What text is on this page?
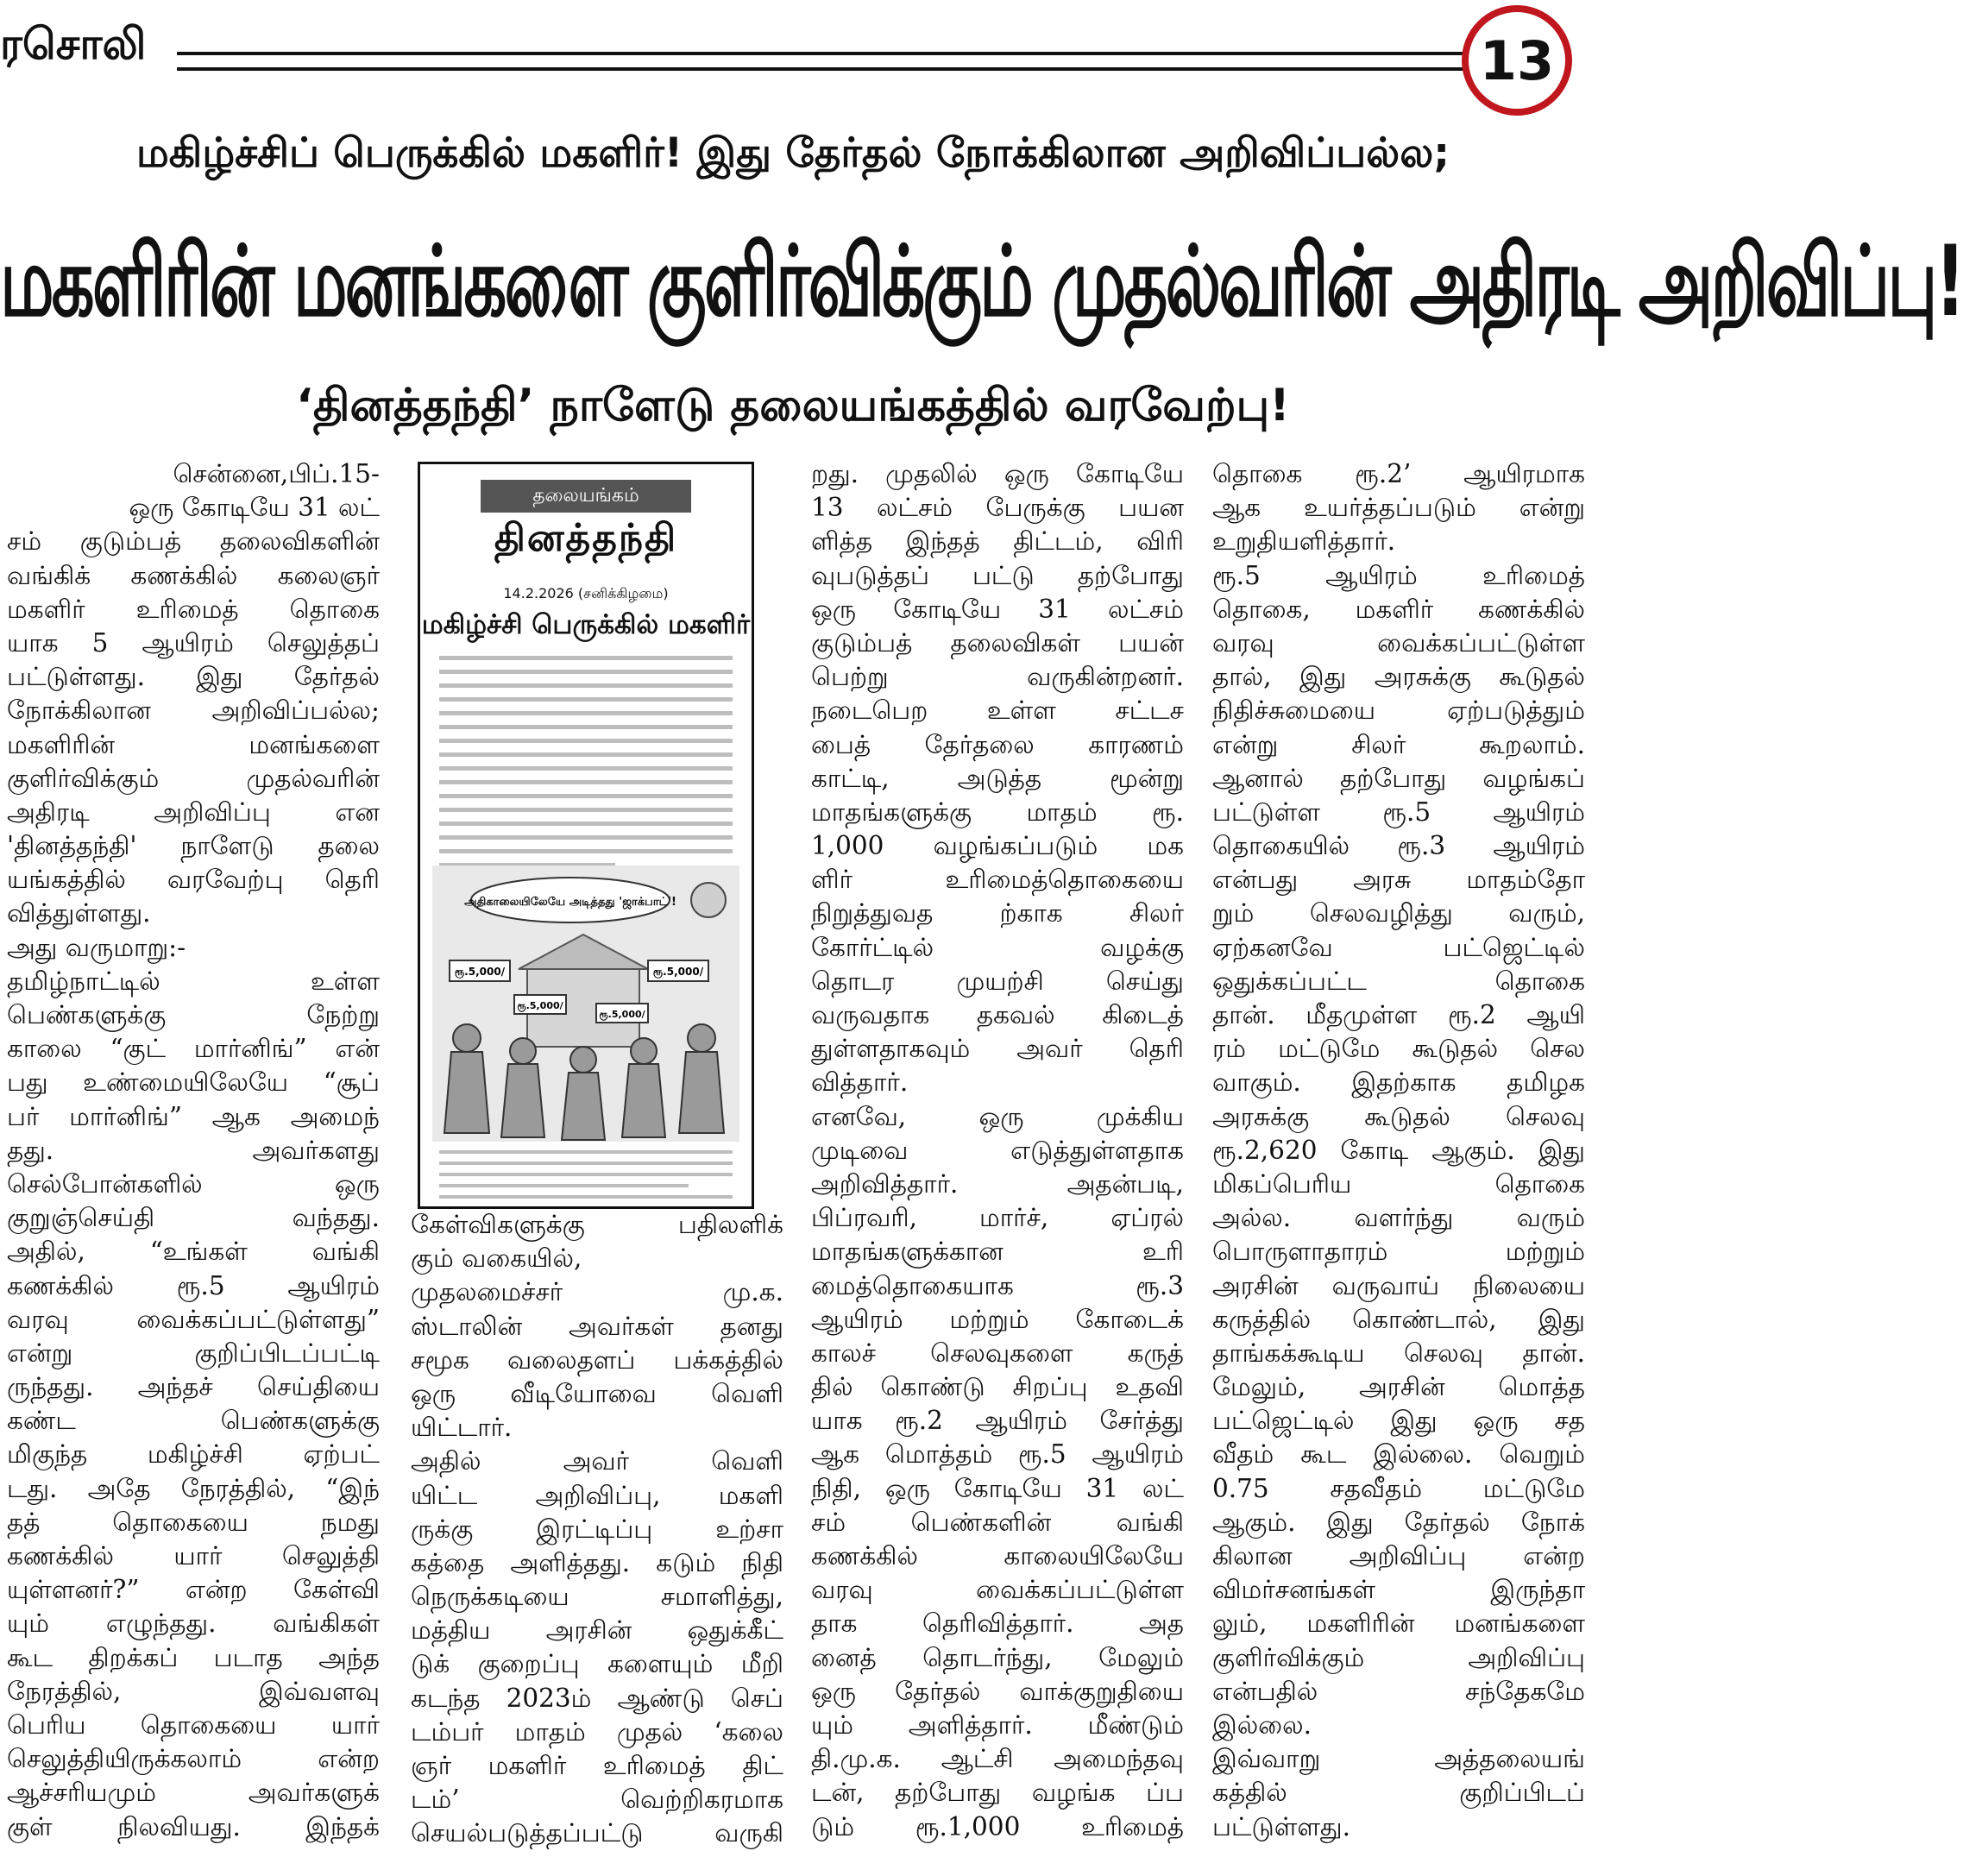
ரசொலி	13
மகிழ்ச்சிப் பெருக்கில் மகளிர்! இது தேர்தல் நோக்கிலான அறிவிப்பல்ல;
மகளிரின் மனங்களை குளிர்விக்கும் முதல்வரின் அதிரடி அறிவிப்பு!
‘தினத்தந்தி’ நாளேடு தலையங்கத்தில் வரவேற்பு!
தலையங்கம்
தினத்தந்தி
14.2.2026 (சனிக்கிழமை)
மகிழ்ச்சி பெருக்கில் மகளிர்
அதிகாலையிலேயே அடித்தது 'ஜாக்பாட்'!
ரூ.5,000/	ரூ.5,000/
ரூ.5,000/
ரூ.5,000/
சென்னை,பிப்.15-
ஒரு கோடியே 31 லட்
சம் குடும்பத் தலைவிகளின்
வங்கிக் கணக்கில் கலைஞர்
மகளிர் உரிமைத் தொகை
யாக 5 ஆயிரம் செலுத்தப்
பட்டுள்ளது. இது தேர்தல்
நோக்கிலான அறிவிப்பல்ல;
மகளிரின் மனங்களை
குளிர்விக்கும் முதல்வரின்
அதிரடி அறிவிப்பு என
'தினத்தந்தி' நாளேடு தலை
யங்கத்தில் வரவேற்பு தெரி
வித்துள்ளது.
அது வருமாறு:-
தமிழ்நாட்டில் உள்ள
பெண்களுக்கு நேற்று
காலை “குட் மார்னிங்” என்
பது உண்மையிலேயே “சூப்
பர் மார்னிங்” ஆக அமைந்
தது. அவர்களது
செல்போன்களில் ஒரு
குறுஞ்செய்தி வந்தது.
அதில், “உங்கள் வங்கி
கணக்கில் ரூ.5 ஆயிரம்
வரவு வைக்கப்பட்டுள்ளது”
என்று குறிப்பிடப்பட்டி
ருந்தது. அந்தச் செய்தியை
கண்ட பெண்களுக்கு
மிகுந்த மகிழ்ச்சி ஏற்பட்
டது. அதே நேரத்தில், “இந்
தத் தொகையை நமது
கணக்கில் யார் செலுத்தி
யுள்ளனர்?” என்ற கேள்வி
யும் எழுந்தது. வங்கிகள்
கூட திறக்கப் படாத அந்த
நேரத்தில், இவ்வளவு
பெரிய தொகையை யார்
செலுத்தியிருக்கலாம் என்ற
ஆச்சரியமும் அவர்களுக்
குள் நிலவியது. இந்தக்
கேள்விகளுக்கு பதிலளிக்
கும் வகையில்,
முதலமைச்சர் மு.க.
ஸ்டாலின் அவர்கள் தனது
சமூக வலைதளப் பக்கத்தில்
ஒரு வீடியோவை வெளி
யிட்டார்.
அதில் அவர் வெளி
யிட்ட அறிவிப்பு, மகளி
ருக்கு இரட்டிப்பு உற்சா
கத்தை அளித்தது. கடும் நிதி
நெருக்கடியை சமாளித்து,
மத்திய அரசின் ஒதுக்கீட்
டுக் குறைப்பு களையும் மீறி
கடந்த 2023ம் ஆண்டு செப்
டம்பர் மாதம் முதல் ‘கலை
ஞர் மகளிர் உரிமைத் திட்
டம்’ வெற்றிகரமாக
செயல்படுத்தப்பட்டு வருகி
றது. முதலில் ஒரு கோடியே
13 லட்சம் பேருக்கு பயன
ளித்த இந்தத் திட்டம், விரி
வுபடுத்தப் பட்டு தற்போது
ஒரு கோடியே 31 லட்சம்
குடும்பத் தலைவிகள் பயன்
பெற்று வருகின்றனர்.
நடைபெற உள்ள சட்டச
பைத் தேர்தலை காரணம்
காட்டி, அடுத்த மூன்று
மாதங்களுக்கு மாதம் ரூ.
1,000 வழங்கப்படும் மக
ளிர் உரிமைத்தொகையை
நிறுத்துவத ற்காக சிலர்
கோர்ட்டில் வழக்கு
தொடர முயற்சி செய்து
வருவதாக தகவல் கிடைத்
துள்ளதாகவும் அவர் தெரி
வித்தார்.
எனவே, ஒரு முக்கிய
முடிவை எடுத்துள்ளதாக
அறிவித்தார். அதன்படி,
பிப்ரவரி, மார்ச், ஏப்ரல்
மாதங்களுக்கான உரி
மைத்தொகையாக ரூ.3
ஆயிரம் மற்றும் கோடைக்
காலச் செலவுகளை கருத்
தில் கொண்டு சிறப்பு உதவி
யாக ரூ.2 ஆயிரம் சேர்த்து
ஆக மொத்தம் ரூ.5 ஆயிரம்
நிதி, ஒரு கோடியே 31 லட்
சம் பெண்களின் வங்கி
கணக்கில் காலையிலேயே
வரவு வைக்கப்பட்டுள்ள
தாக தெரிவித்தார். அத
னைத் தொடர்ந்து, மேலும்
ஒரு தேர்தல் வாக்குறுதியை
யும் அளித்தார். மீண்டும்
தி.மு.க. ஆட்சி அமைந்தவு
டன், தற்போது வழங்க ப்ப
டும் ரூ.1,000 உரிமைத்
தொகை ரூ.2’ ஆயிரமாக
ஆக உயர்த்தப்படும் என்று
உறுதியளித்தார்.
ரூ.5 ஆயிரம் உரிமைத்
தொகை, மகளிர் கணக்கில்
வரவு வைக்கப்பட்டுள்ள
தால், இது அரசுக்கு கூடுதல்
நிதிச்சுமையை ஏற்படுத்தும்
என்று சிலர் கூறலாம்.
ஆனால் தற்போது வழங்கப்
பட்டுள்ள ரூ.5 ஆயிரம்
தொகையில் ரூ.3 ஆயிரம்
என்பது அரசு மாதம்தோ
றும் செலவழித்து வரும்,
ஏற்கனவே பட்ஜெட்டில்
ஒதுக்கப்பட்ட தொகை
தான். மீதமுள்ள ரூ.2 ஆயி
ரம் மட்டுமே கூடுதல் செல
வாகும். இதற்காக தமிழக
அரசுக்கு கூடுதல் செலவு
ரூ.2,620 கோடி ஆகும். இது
மிகப்பெரிய தொகை
அல்ல. வளர்ந்து வரும்
பொருளாதாரம் மற்றும்
அரசின் வருவாய் நிலையை
கருத்தில் கொண்டால், இது
தாங்கக்கூடிய செலவு தான்.
மேலும், அரசின் மொத்த
பட்ஜெட்டில் இது ஒரு சத
வீதம் கூட இல்லை. வெறும்
0.75 சதவீதம் மட்டுமே
ஆகும். இது தேர்தல் நோக்
கிலான அறிவிப்பு என்ற
விமர்சனங்கள் இருந்தா
லும், மகளிரின் மனங்களை
குளிர்விக்கும் அறிவிப்பு
என்பதில் சந்தேகமே
இல்லை.
இவ்வாறு அத்தலையங்
கத்தில் குறிப்பிடப்
பட்டுள்ளது.
